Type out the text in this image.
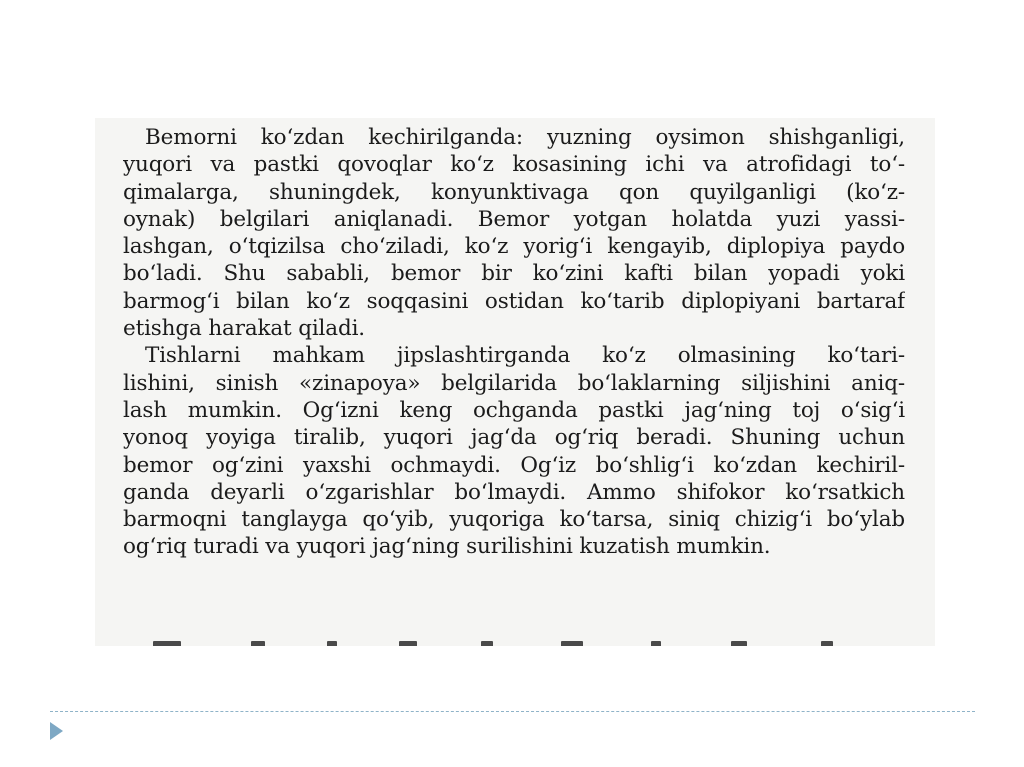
Bemorni ko‘zdan kechirilganda: yuzning oysimon shishganligi,
yuqori va pastki qovoqlar ko‘z kosasining ichi va atrofidagi to‘-
qimalarga, shuningdek, konyunktivaga qon quyilganligi (ko‘z-
oynak) belgilari aniqlanadi. Bemor yotgan holatda yuzi yassi-
lashgan, o‘tqizilsa cho‘ziladi, ko‘z yorig‘i kengayib, diplopiya paydo
bo‘ladi. Shu sababli, bemor bir ko‘zini kafti bilan yopadi yoki
barmog‘i bilan ko‘z soqqasini ostidan ko‘tarib diplopiyani bartaraf
etishga harakat qiladi.
Tishlarni mahkam jipslashtirganda ko‘z olmasining ko‘tari-
lishini, sinish «zinapoya» belgilarida bo‘laklarning siljishini aniq-
lash mumkin. Og‘izni keng ochganda pastki jag‘ning toj o‘sig‘i
yonoq yoyiga tiralib, yuqori jag‘da og‘riq beradi. Shuning uchun
bemor og‘zini yaxshi ochmaydi. Og‘iz bo‘shlig‘i ko‘zdan kechiril-
ganda deyarli o‘zgarishlar bo‘lmaydi. Ammo shifokor ko‘rsatkich
barmoqni tanglayga qo‘yib, yuqoriga ko‘tarsa, siniq chizig‘i bo‘ylab
og‘riq turadi va yuqori jag‘ning surilishini kuzatish mumkin.
